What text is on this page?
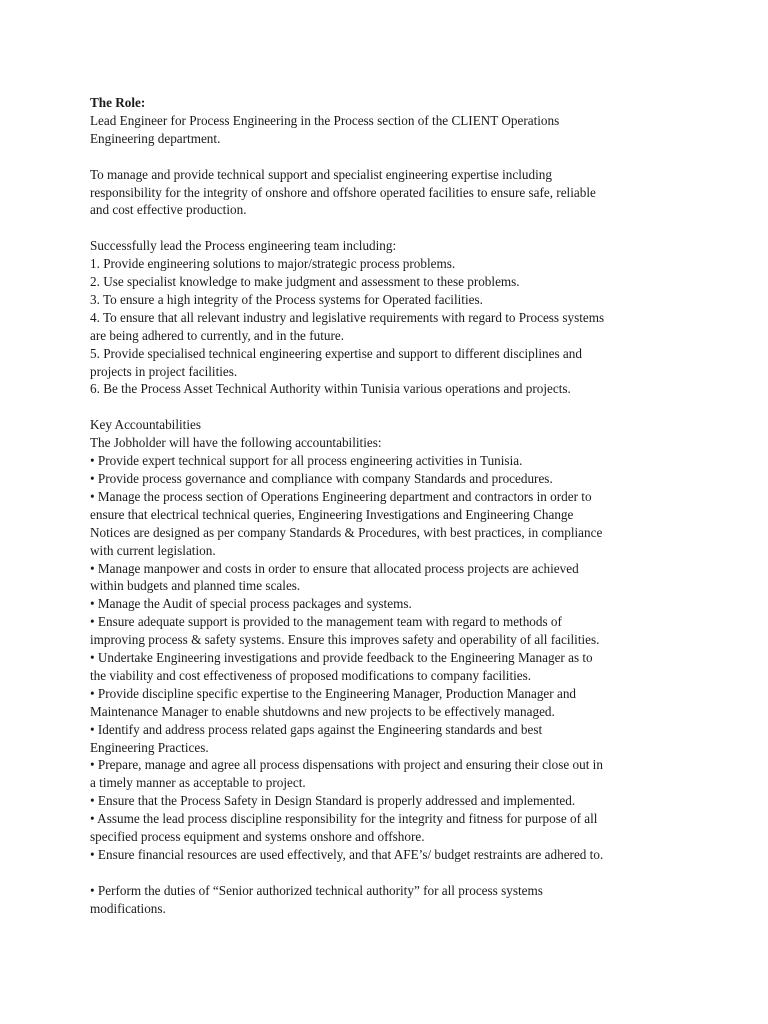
The Role:
Lead Engineer for Process Engineering in the Process section of the CLIENT Operations
Engineering department.
To manage and provide technical support and specialist engineering expertise including
responsibility for the integrity of onshore and offshore operated facilities to ensure safe, reliable
and cost effective production.
Successfully lead the Process engineering team including:
1. Provide engineering solutions to major/strategic process problems.
2. Use specialist knowledge to make judgment and assessment to these problems.
3. To ensure a high integrity of the Process systems for Operated facilities.
4. To ensure that all relevant industry and legislative requirements with regard to Process systems
are being adhered to currently, and in the future.
5. Provide specialised technical engineering expertise and support to different disciplines and
projects in project facilities.
6. Be the Process Asset Technical Authority within Tunisia various operations and projects.
Key Accountabilities
The Jobholder will have the following accountabilities:
• Provide expert technical support for all process engineering activities in Tunisia.
• Provide process governance and compliance with company Standards and procedures.
• Manage the process section of Operations Engineering department and contractors in order to
ensure that electrical technical queries, Engineering Investigations and Engineering Change
Notices are designed as per company Standards & Procedures, with best practices, in compliance
with current legislation.
• Manage manpower and costs in order to ensure that allocated process projects are achieved
within budgets and planned time scales.
• Manage the Audit of special process packages and systems.
• Ensure adequate support is provided to the management team with regard to methods of
improving process & safety systems. Ensure this improves safety and operability of all facilities.
• Undertake Engineering investigations and provide feedback to the Engineering Manager as to
the viability and cost effectiveness of proposed modifications to company facilities.
• Provide discipline specific expertise to the Engineering Manager, Production Manager and
Maintenance Manager to enable shutdowns and new projects to be effectively managed.
• Identify and address process related gaps against the Engineering standards and best
Engineering Practices.
• Prepare, manage and agree all process dispensations with project and ensuring their close out in
a timely manner as acceptable to project.
• Ensure that the Process Safety in Design Standard is properly addressed and implemented.
• Assume the lead process discipline responsibility for the integrity and fitness for purpose of all
specified process equipment and systems onshore and offshore.
• Ensure financial resources are used effectively, and that AFE’s/ budget restraints are adhered to.
• Perform the duties of “Senior authorized technical authority” for all process systems
modifications.
